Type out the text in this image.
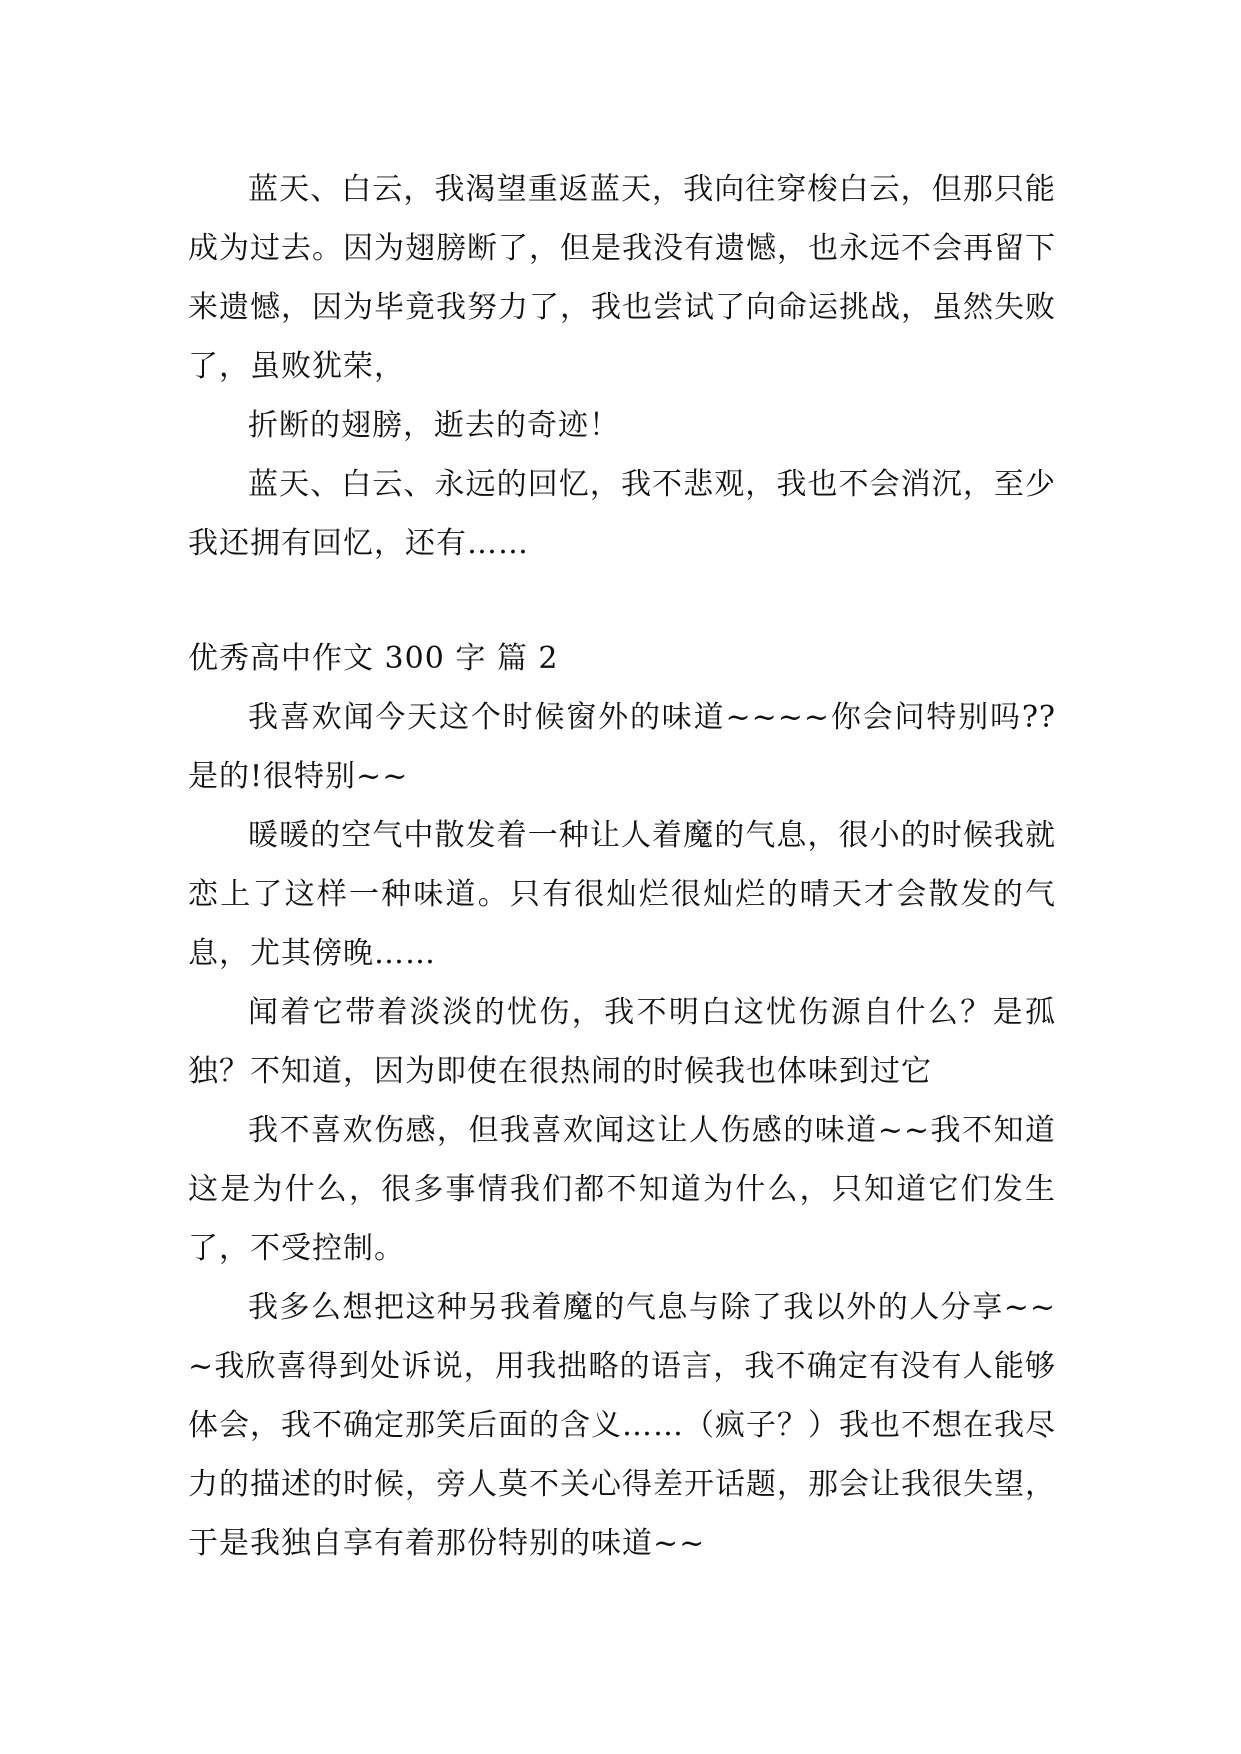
蓝天、白云，我渴望重返蓝天，我向往穿梭白云，但那只能成为过去。因为翅膀断了，但是我没有遗憾，也永远不会再留下来遗憾，因为毕竟我努力了，我也尝试了向命运挑战，虽然失败了，虽败犹荣，

折断的翅膀，逝去的奇迹！

蓝天、白云、永远的回忆，我不悲观，我也不会消沉，至少我还拥有回忆，还有……

优秀高中作文 300 字 篇 2

我喜欢闻今天这个时候窗外的味道~~~~你会问特别吗??是的!很特别~~

暖暖的空气中散发着一种让人着魔的气息，很小的时候我就恋上了这样一种味道。只有很灿烂很灿烂的晴天才会散发的气息，尤其傍晚……

闻着它带着淡淡的忧伤，我不明白这忧伤源自什么？是孤独？不知道，因为即使在很热闹的时候我也体味到过它

我不喜欢伤感，但我喜欢闻这让人伤感的味道~~我不知道这是为什么，很多事情我们都不知道为什么，只知道它们发生了，不受控制。

我多么想把这种另我着魔的气息与除了我以外的人分享~~~我欣喜得到处诉说，用我拙略的语言，我不确定有没有人能够体会，我不确定那笑后面的含义……（疯子？）我也不想在我尽力的描述的时候，旁人莫不关心得差开话题，那会让我很失望，于是我独自享有着那份特别的味道~~
